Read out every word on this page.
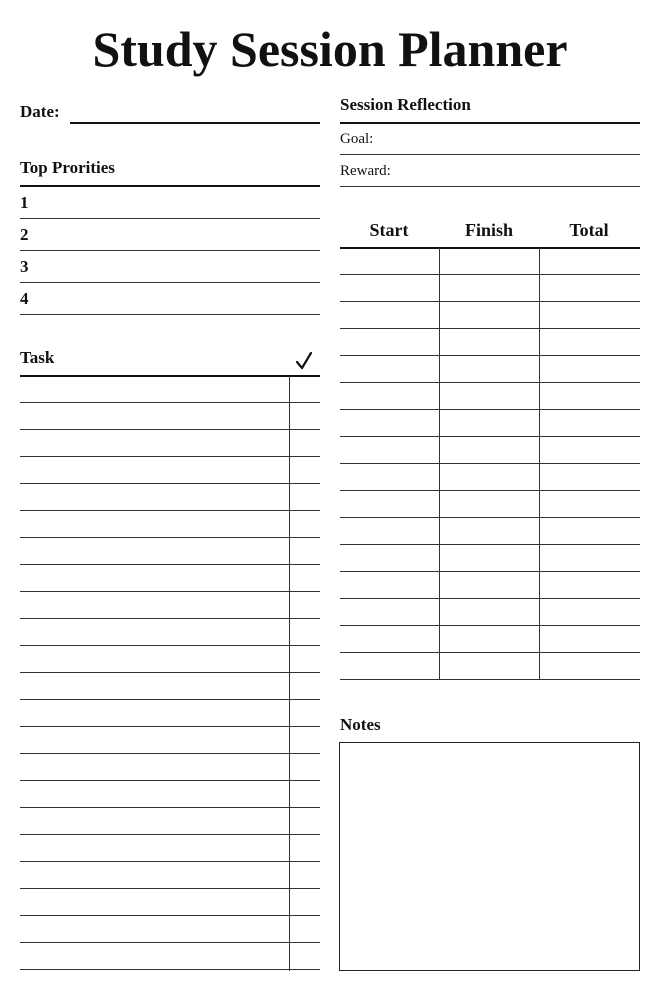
Study Session Planner
Date:
Top Prorities
1
2
3
4
Task
Session Reflection
Goal:
Reward:
Start	Finish	Total
Notes
